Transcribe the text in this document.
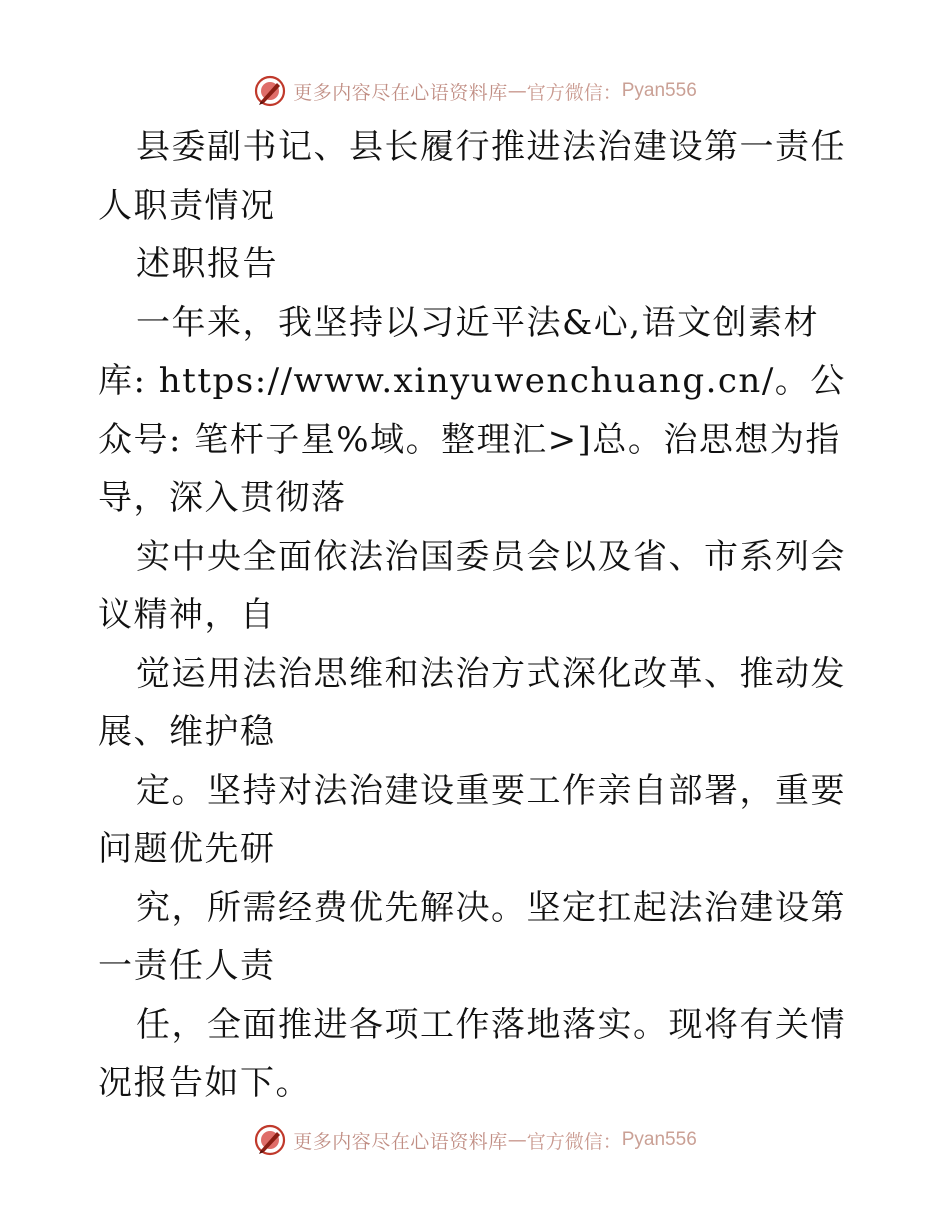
更多内容尽在心语资料库 — 官方微信： Pyan556

县委副书记、县长履行推进法治建设第一责任人职责情况

述职报告

一年来，我坚持以习近平法&心,语文创素材库: https://www.xinyuwenchuang.cn/。公众号: 笔杆子星%域。整理汇>]总。治思想为指导，深入贯彻落

实中央全面依法治国委员会以及省、市系列会议精神，自

觉运用法治思维和法治方式深化改革、推动发展、维护稳

定。坚持对法治建设重要工作亲自部署，重要问题优先研

究，所需经费优先解决。坚定扛起法治建设第一责任人责

任，全面推进各项工作落地落实。现将有关情况报告如下。

更多内容尽在心语资料库 — 官方微信： Pyan556
